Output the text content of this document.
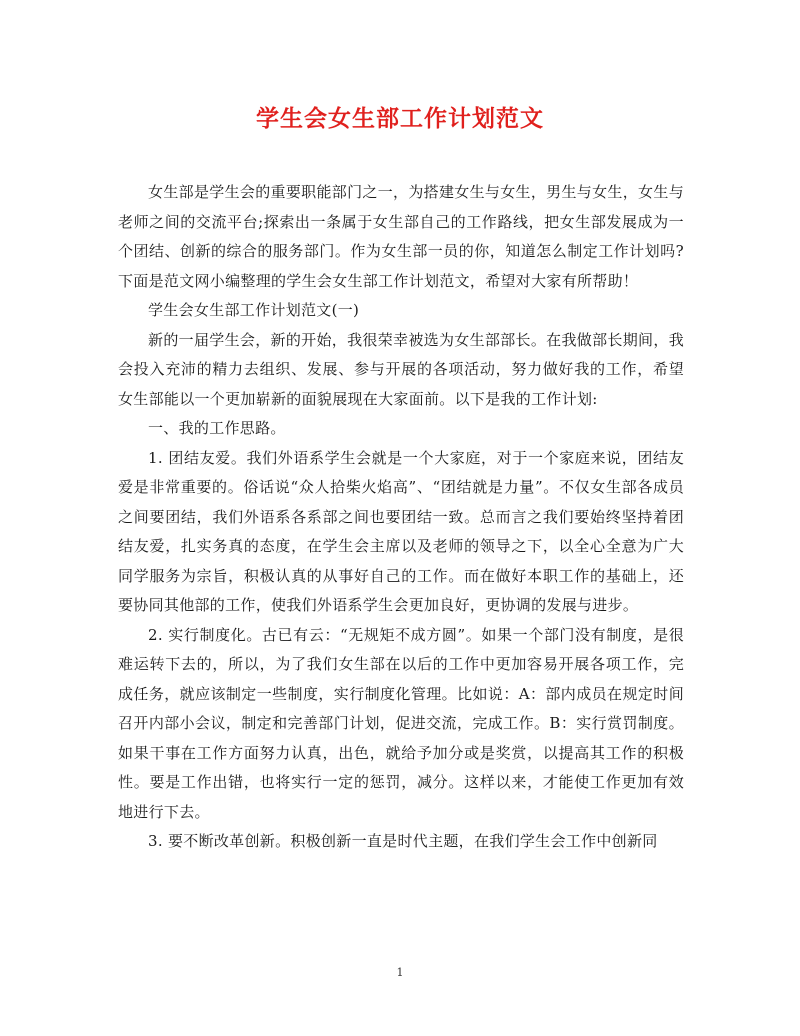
学生会女生部工作计划范文

女生部是学生会的重要职能部门之一，为搭建女生与女生，男生与女生，女生与老师之间的交流平台;探索出一条属于女生部自己的工作路线，把女生部发展成为一个团结、创新的综合的服务部门。作为女生部一员的你，知道怎么制定工作计划吗?下面是范文网小编整理的学生会女生部工作计划范文，希望对大家有所帮助！

学生会女生部工作计划范文(一)

新的一届学生会，新的开始，我很荣幸被选为女生部部长。在我做部长期间，我会投入充沛的精力去组织、发展、参与开展的各项活动，努力做好我的工作，希望女生部能以一个更加崭新的面貌展现在大家面前。以下是我的工作计划:

一、我的工作思路。

1. 团结友爱。我们外语系学生会就是一个大家庭，对于一个家庭来说，团结友爱是非常重要的。俗话说“众人拾柴火焰高”、“团结就是力量”。不仅女生部各成员之间要团结，我们外语系各系部之间也要团结一致。总而言之我们要始终坚持着团结友爱，扎实务真的态度，在学生会主席以及老师的领导之下，以全心全意为广大同学服务为宗旨，积极认真的从事好自己的工作。而在做好本职工作的基础上，还要协同其他部的工作，使我们外语系学生会更加良好，更协调的发展与进步。

2. 实行制度化。古已有云：“无规矩不成方圆”。如果一个部门没有制度，是很难运转下去的，所以，为了我们女生部在以后的工作中更加容易开展各项工作，完成任务，就应该制定一些制度，实行制度化管理。比如说：A：部内成员在规定时间召开内部小会议，制定和完善部门计划，促进交流，完成工作。B：实行赏罚制度。如果干事在工作方面努力认真，出色，就给予加分或是奖赏，以提高其工作的积极性。要是工作出错，也将实行一定的惩罚，减分。这样以来，才能使工作更加有效地进行下去。

3. 要不断改革创新。积极创新一直是时代主题，在我们学生会工作中创新同

1
